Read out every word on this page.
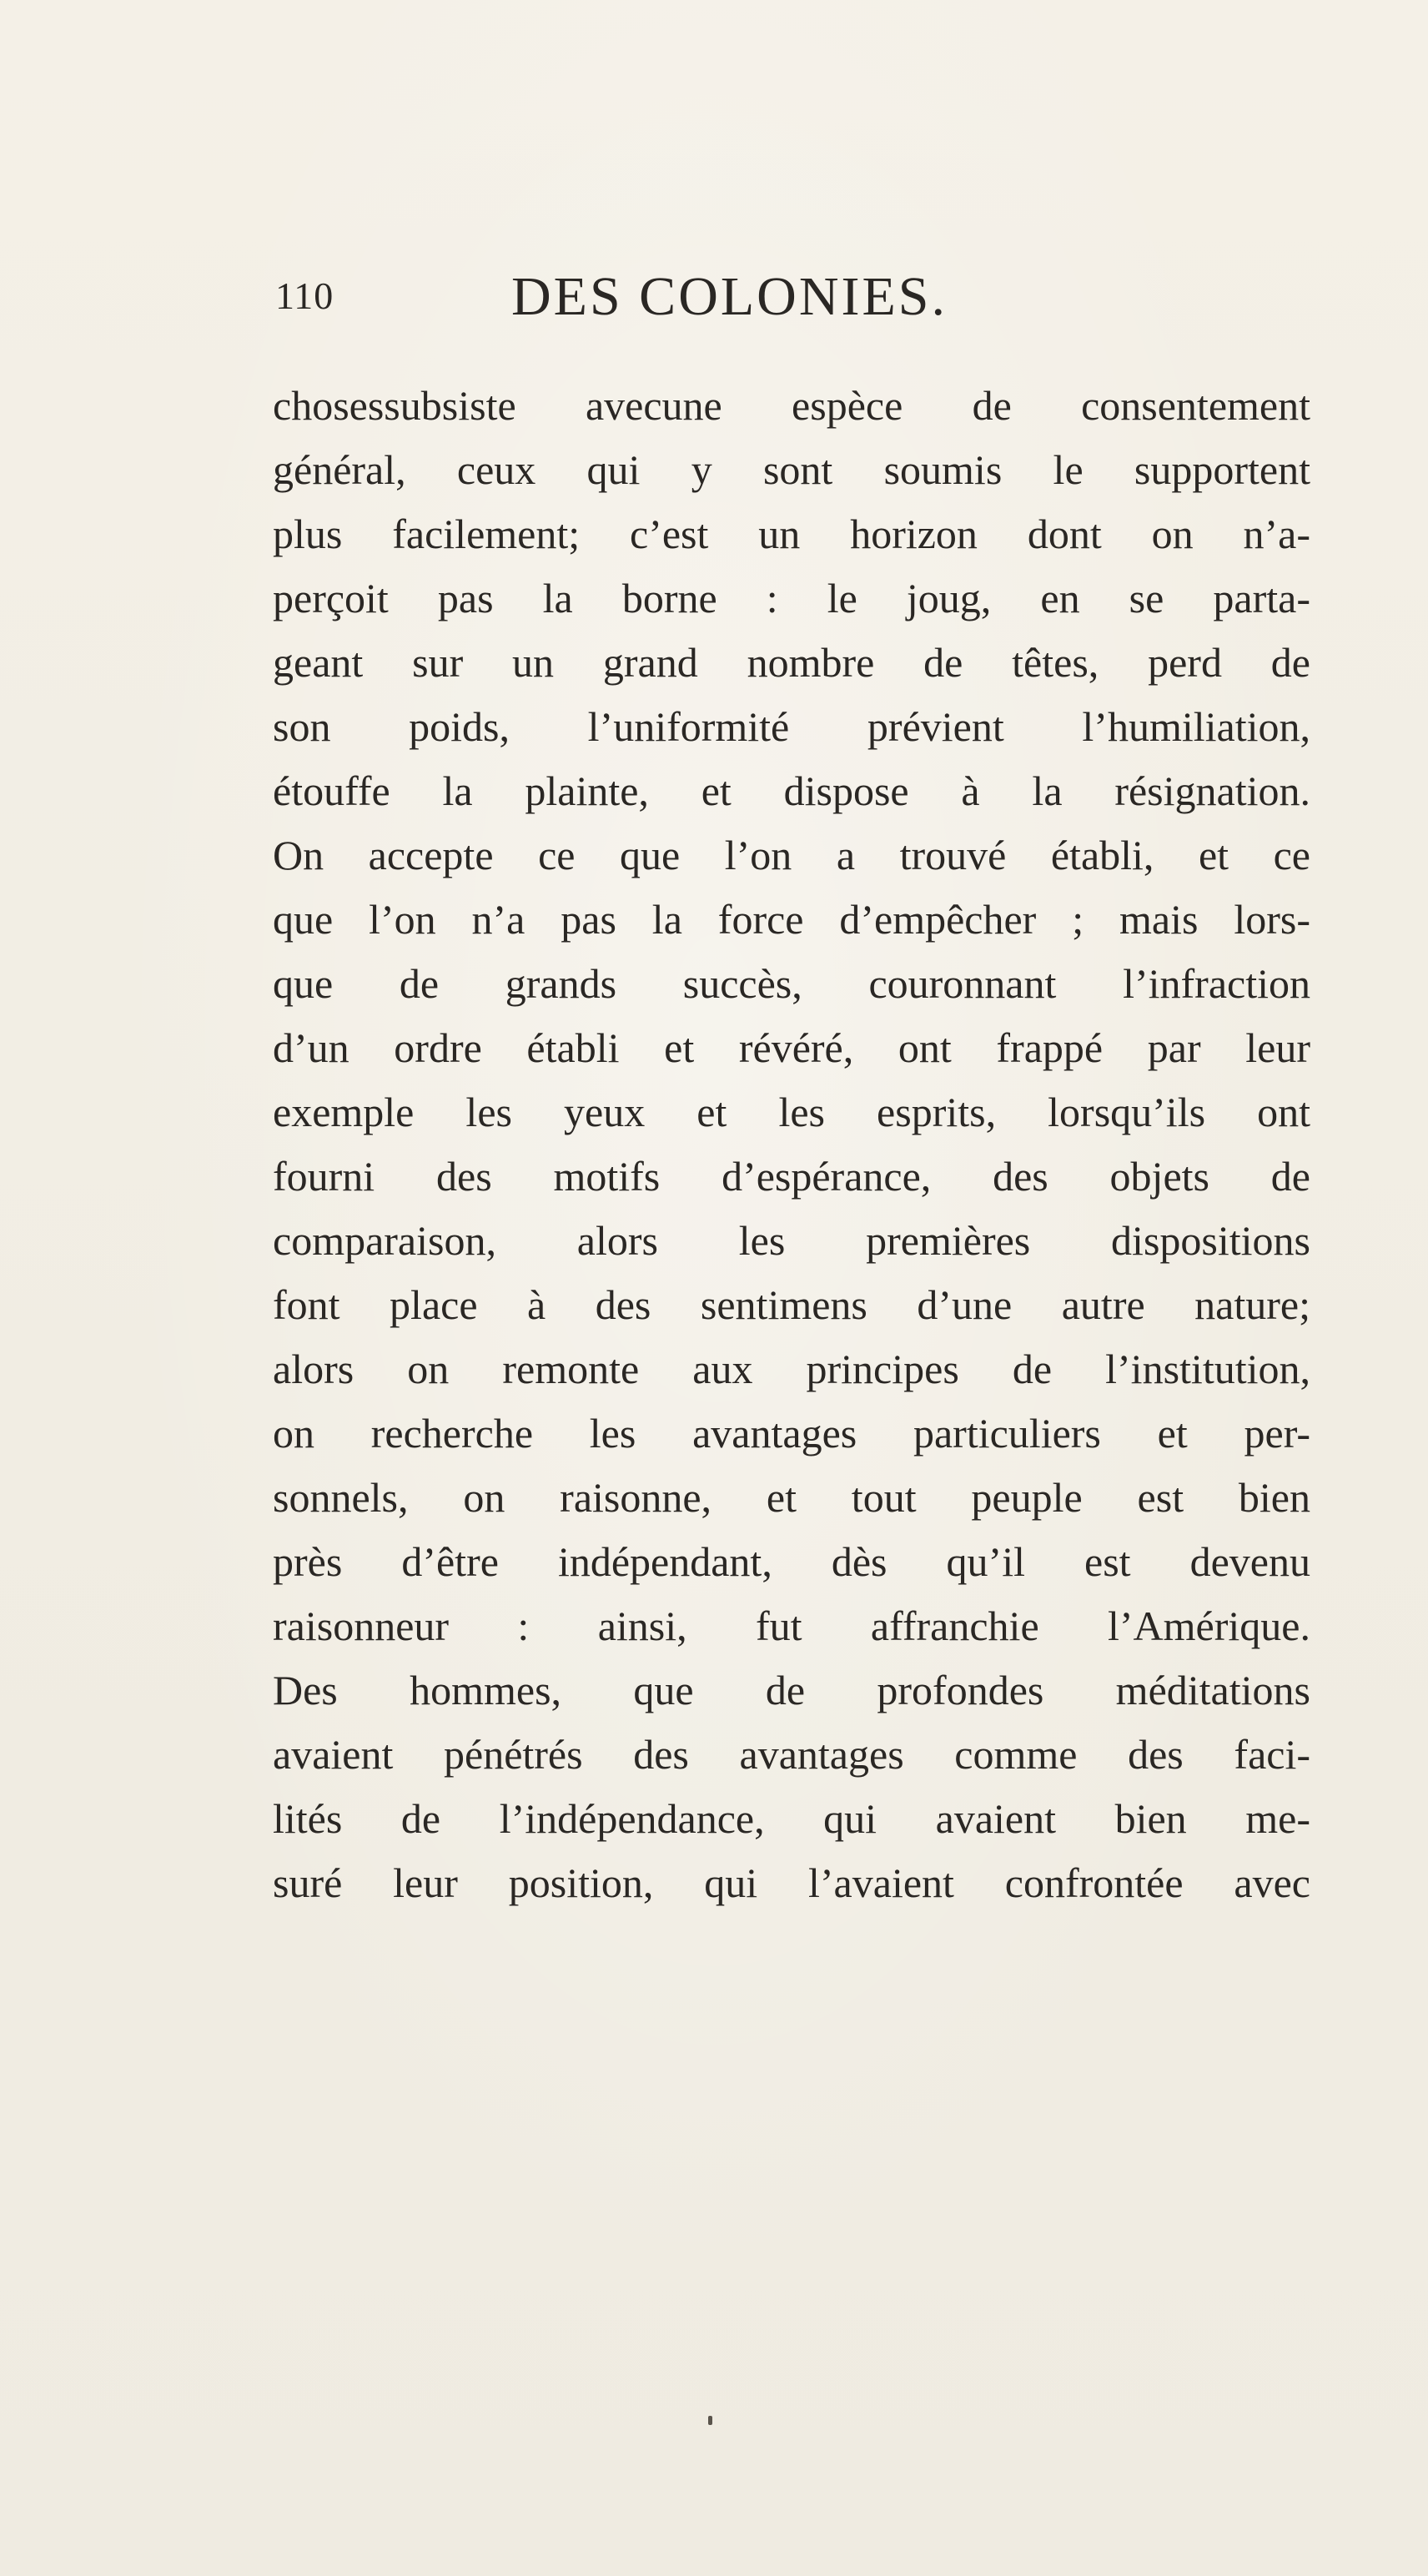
110	DES COLONIES.
chosessubsiste avecune espèce de consentement
général, ceux qui y sont soumis le supportent
plus facilement; c’est un horizon dont on n’a-
perçoit pas la borne : le joug, en se parta-
geant sur un grand nombre de têtes, perd de
son poids, l’uniformité prévient l’humiliation,
étouffe la plainte, et dispose à la résignation.
On accepte ce que l’on a trouvé établi, et ce
que l’on n’a pas la force d’empêcher ; mais lors-
que de grands succès, couronnant l’infraction
d’un ordre établi et révéré, ont frappé par leur
exemple les yeux et les esprits, lorsqu’ils ont
fourni des motifs d’espérance, des objets de
comparaison, alors les premières dispositions
font place à des sentimens d’une autre nature;
alors on remonte aux principes de l’institution,
on recherche les avantages particuliers et per-
sonnels, on raisonne, et tout peuple est bien
près d’être indépendant, dès qu’il est devenu
raisonneur : ainsi, fut affranchie l’Amérique.
Des hommes, que de profondes méditations
avaient pénétrés des avantages comme des faci-
lités de l’indépendance, qui avaient bien me-
suré leur position, qui l’avaient confrontée avec
